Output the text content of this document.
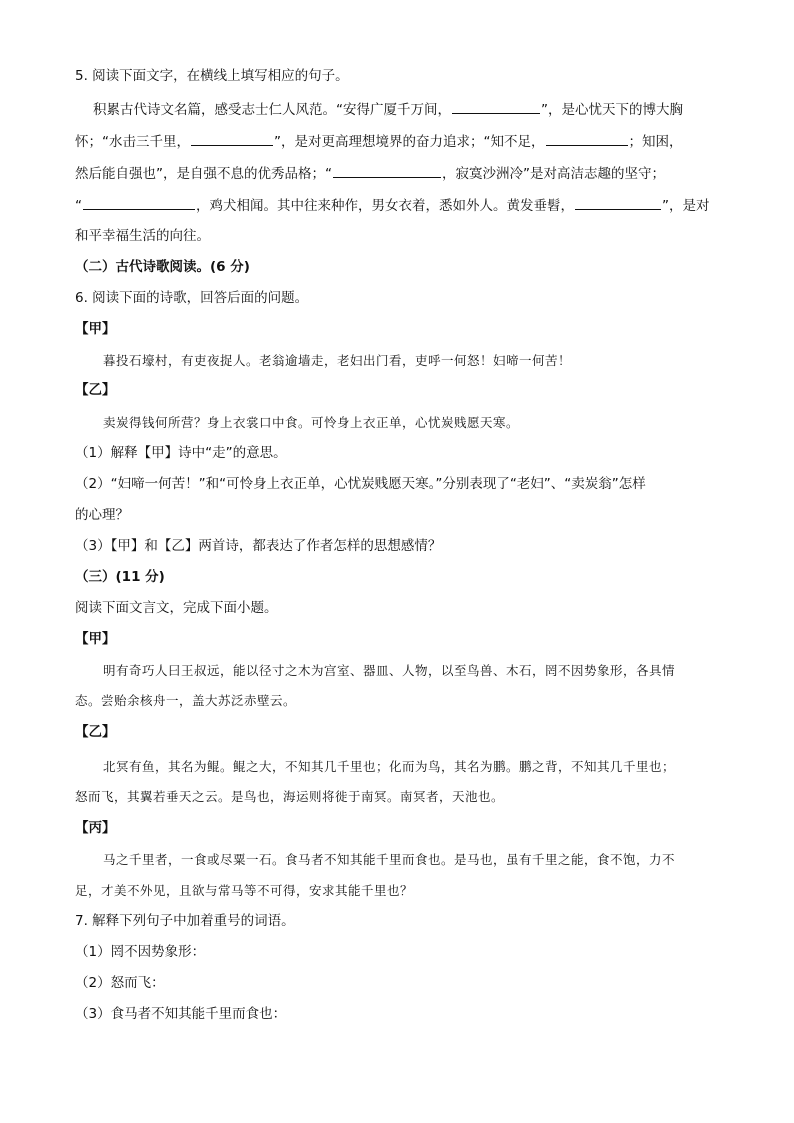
5. 阅读下面文字，在横线上填写相应的句子。
积累古代诗文名篇，感受志士仁人风范。“安得广厦千万间，	”，是心忧天下的博大胸
怀；“水击三千里，	”，是对更高理想境界的奋力追求；“知不足，	；知困，
然后能自强也”，是自强不息的优秀品格；“	，寂寞沙洲冷”是对高洁志趣的坚守；
“	，鸡犬相闻。其中往来种作，男女衣着，悉如外人。黄发垂髫，	”，是对
和平幸福生活的向往。
（二）古代诗歌阅读。(6 分)
6. 阅读下面的诗歌，回答后面的问题。
【甲】
暮投石壕村，有吏夜捉人。老翁逾墙走，老妇出门看，吏呼一何怒！妇啼一何苦！
【乙】
卖炭得钱何所营？身上衣裳口中食。可怜身上衣正单，心忧炭贱愿天寒。
（1）解释【甲】诗中“走”的意思。
（2）“妇啼一何苦！”和“可怜身上衣正单，心忧炭贱愿天寒。”分别表现了“老妇”、“卖炭翁”怎样
的心理？
（3）【甲】和【乙】两首诗，都表达了作者怎样的思想感情？
（三）(11 分)
阅读下面文言文，完成下面小题。
【甲】
明有奇巧人曰王叔远，能以径寸之木为宫室、器皿、人物，以至鸟兽、木石，罔不因势象形，各具情
态。尝贻余核舟一，盖大苏泛赤壁云。
【乙】
北冥有鱼，其名为鲲。鲲之大，不知其几千里也；化而为鸟，其名为鹏。鹏之背，不知其几千里也；
怒而飞，其翼若垂天之云。是鸟也，海运则将徙于南冥。南冥者，天池也。
【丙】
马之千里者，一食或尽粟一石。食马者不知其能千里而食也。是马也，虽有千里之能，食不饱，力不
足，才美不外见，且欲与常马等不可得，安求其能千里也？
7. 解释下列句子中加着重号的词语。
（1）罔不因势象形：
（2）怒而飞：
（3）食马者不知其能千里而食也：
